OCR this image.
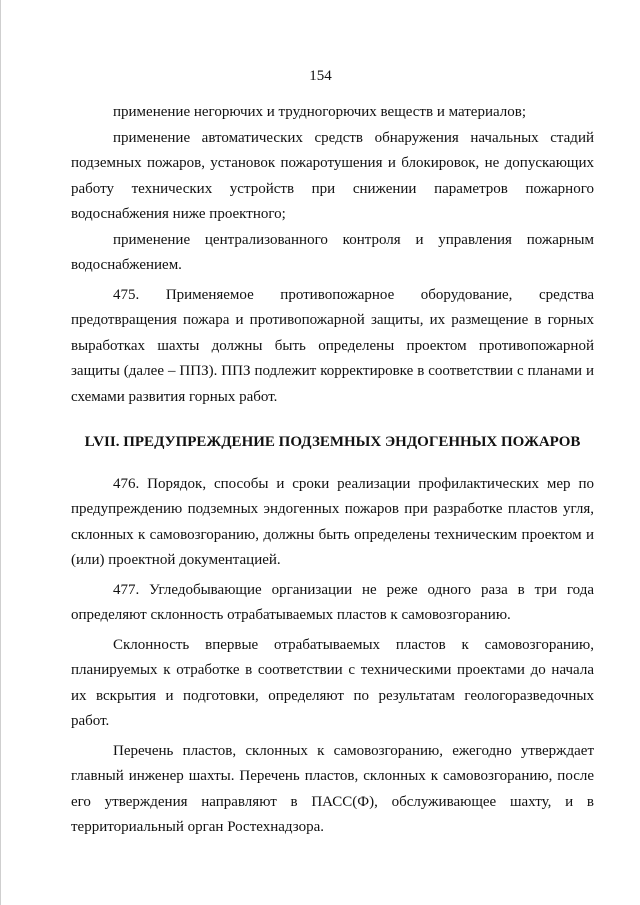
154

применение негорючих и трудногорючих веществ и материалов;

применение автоматических средств обнаружения начальных стадий подземных пожаров, установок пожаротушения и блокировок, не допускающих работу технических устройств при снижении параметров пожарного водоснабжения ниже проектного;

применение централизованного контроля и управления пожарным водоснабжением.

475. Применяемое противопожарное оборудование, средства предотвращения пожара и противопожарной защиты, их размещение в горных выработках шахты должны быть определены проектом противопожарной защиты (далее – ППЗ). ППЗ подлежит корректировке в соответствии с планами и схемами развития горных работ.

LVII. ПРЕДУПРЕЖДЕНИЕ ПОДЗЕМНЫХ ЭНДОГЕННЫХ ПОЖАРОВ

476. Порядок, способы и сроки реализации профилактических мер по предупреждению подземных эндогенных пожаров при разработке пластов угля, склонных к самовозгоранию, должны быть определены техническим проектом и (или) проектной документацией.

477. Угледобывающие организации не реже одного раза в три года определяют склонность отрабатываемых пластов к самовозгоранию.

Склонность впервые отрабатываемых пластов к самовозгоранию, планируемых к отработке в соответствии с техническими проектами до начала их вскрытия и подготовки, определяют по результатам геологоразведочных работ.

Перечень пластов, склонных к самовозгоранию, ежегодно утверждает главный инженер шахты. Перечень пластов, склонных к самовозгоранию, после его утверждения направляют в ПАСС(Ф), обслуживающее шахту, и в территориальный орган Ростехнадзора.
